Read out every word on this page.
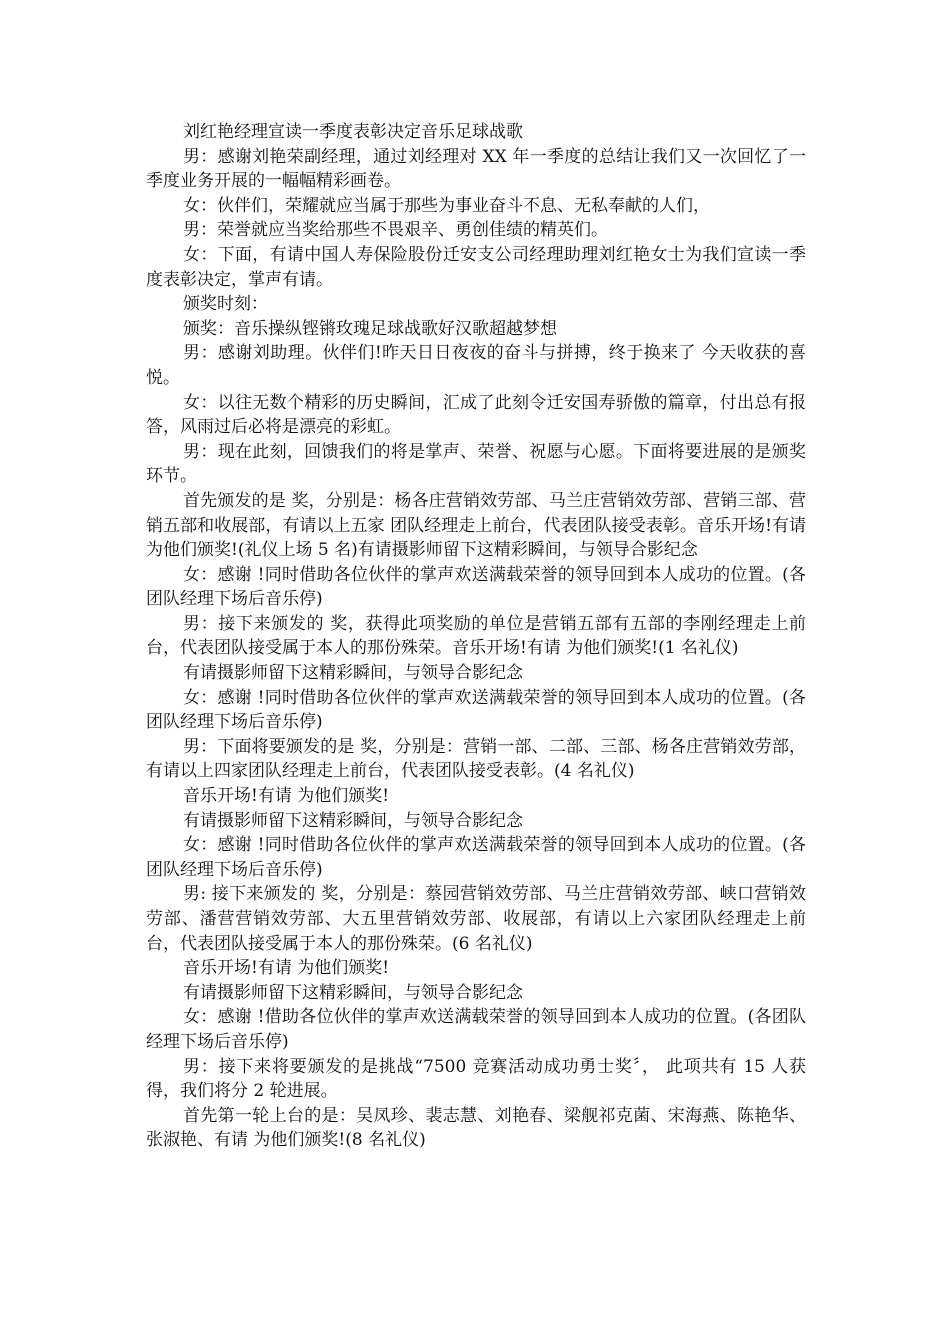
刘红艳经理宣读一季度表彰决定音乐足球战歌

男：感谢刘艳荣副经理，通过刘经理对 XX 年一季度的总结让我们又一次回忆了一季度业务开展的一幅幅精彩画卷。

女：伙伴们，荣耀就应当属于那些为事业奋斗不息、无私奉献的人们，

男：荣誉就应当奖给那些不畏艰辛、勇创佳绩的精英们。

女：下面，有请中国人寿保险股份迁安支公司经理助理刘红艳女士为我们宣读一季度表彰决定，掌声有请。

颁奖时刻：

颁奖：音乐操纵铿锵玫瑰足球战歌好汉歌超越梦想

男：感谢刘助理。伙伴们!昨天日日夜夜的奋斗与拼搏，终于换来了 今天收获的喜悦。

女：以往无数个精彩的历史瞬间，汇成了此刻令迁安国寿骄傲的篇章，付出总有报答，风雨过后必将是漂亮的彩虹。

男：现在此刻，回馈我们的将是掌声、荣誉、祝愿与心愿。下面将要进展的是颁奖环节。

首先颁发的是 奖，分别是：杨各庄营销效劳部、马兰庄营销效劳部、营销三部、营销五部和收展部，有请以上五家 团队经理走上前台，代表团队接受表彰。音乐开场!有请 为他们颁奖!(礼仪上场 5 名)有请摄影师留下这精彩瞬间，与领导合影纪念

女：感谢 !同时借助各位伙伴的掌声欢送满载荣誉的领导回到本人成功的位置。(各团队经理下场后音乐停)

男：接下来颁发的 奖，获得此项奖励的单位是营销五部有五部的李刚经理走上前台，代表团队接受属于本人的那份殊荣。音乐开场!有请 为他们颁奖!(1 名礼仪)

有请摄影师留下这精彩瞬间，与领导合影纪念

女：感谢 !同时借助各位伙伴的掌声欢送满载荣誉的领导回到本人成功的位置。(各团队经理下场后音乐停)

男：下面将要颁发的是 奖，分别是：营销一部、二部、三部、杨各庄营销效劳部，有请以上四家团队经理走上前台，代表团队接受表彰。(4 名礼仪)

音乐开场!有请 为他们颁奖!

有请摄影师留下这精彩瞬间，与领导合影纪念

女：感谢 !同时借助各位伙伴的掌声欢送满载荣誉的领导回到本人成功的位置。(各团队经理下场后音乐停)

男: 接下来颁发的 奖，分别是：蔡园营销效劳部、马兰庄营销效劳部、峡口营销效劳部、潘营营销效劳部、大五里营销效劳部、收展部，有请以上六家团队经理走上前台，代表团队接受属于本人的那份殊荣。(6 名礼仪)

音乐开场!有请 为他们颁奖!

有请摄影师留下这精彩瞬间，与领导合影纪念

女：感谢 !借助各位伙伴的掌声欢送满载荣誉的领导回到本人成功的位置。(各团队经理下场后音乐停)

男：接下来将要颁发的是挑战“7500 竞赛活动成功勇士奖〞， 此项共有 15 人获得，我们将分 2 轮进展。

首先第一轮上台的是：吴凤珍、裴志慧、刘艳春、梁舰祁克菌、宋海燕、陈艳华、张淑艳、有请 为他们颁奖!(8 名礼仪)
